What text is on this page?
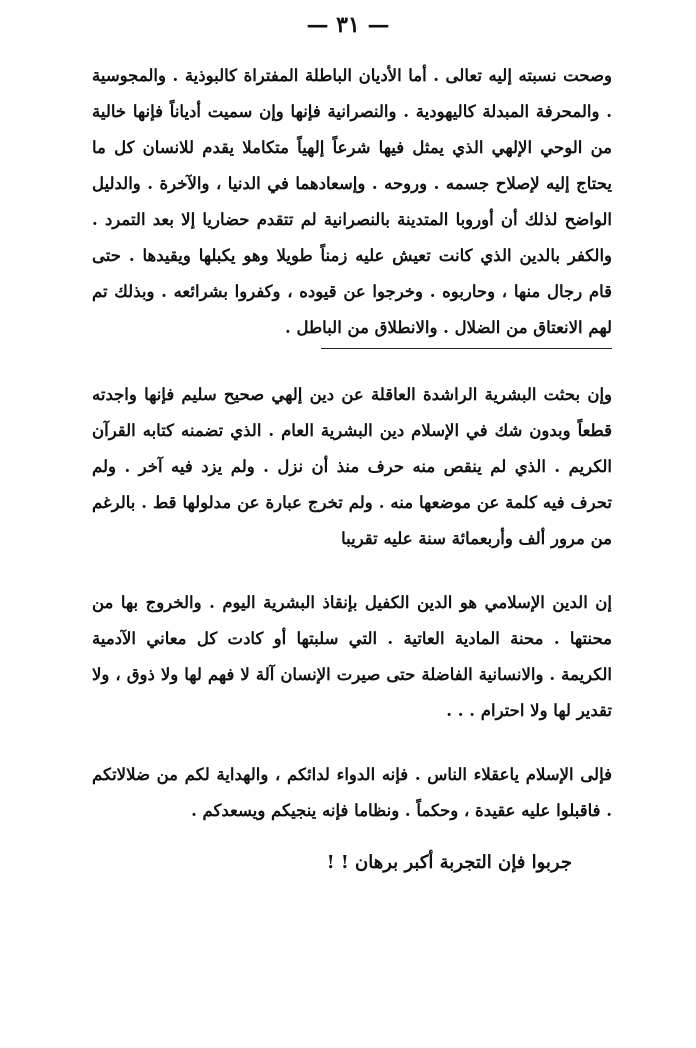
— ٣١ —

وصحت نسبته إليه تعالى . أما الأديان الباطلة المفتراة كالبوذية . والمجوسية . والمحرفة المبدلة كاليهودية . والنصرانية فإنها وإن سميت أدياناً فإنها خالية من الوحي الإلهي الذي يمثل فيها شرعاً إلهياً متكاملا يقدم للانسان كل ما يحتاج إليه لإصلاح جسمه . وروحه . وإسعادهما في الدنيا ، والآخرة . والدليل الواضح لذلك أن أوروبا المتدينة بالنصرانية لم تتقدم حضاريا إلا بعد التمرد . والكفر بالدين الذي كانت تعيش عليه زمناً طويلا وهو يكبلها ويقيدها . حتى قام رجال منها ، وحاربوه . وخرجوا عن قيوده ، وكفروا بشرائعه . وبذلك تم لهم الانعتاق من الضلال . والانطلاق من الباطل .

وإن بحثت البشرية الراشدة العاقلة عن دين إلهي صحيح سليم فإنها واجدته قطعاً وبدون شك في الإسلام دين البشرية العام . الذي تضمنه كتابه القرآن الكريم . الذي لم ينقص منه حرف منذ أن نزل . ولم يزد فيه آخر . ولم تحرف فيه كلمة عن موضعها منه . ولم تخرج عبارة عن مدلولها قط . بالرغم من مرور ألف وأربعمائة سنة عليه تقريبا

إن الدين الإسلامي هو الدين الكفيل بإنقاذ البشرية اليوم . والخروج بها من محنتها . محنة المادية العاتية . التي سلبتها أو كادت كل معاني الآدمية الكريمة . والانسانية الفاضلة حتى صيرت الإنسان آلة لا فهم لها ولا ذوق ، ولا تقدير لها ولا احترام . . .

فإلى الإسلام ياعقلاء الناس . فإنه الدواء لدائكم ، والهداية لكم من ضلالاتكم . فاقبلوا عليه عقيدة ، وحكماً . ونظاما فإنه ينجيكم ويسعدكم .

جربوا فإن التجربة أكبر برهان ! !
